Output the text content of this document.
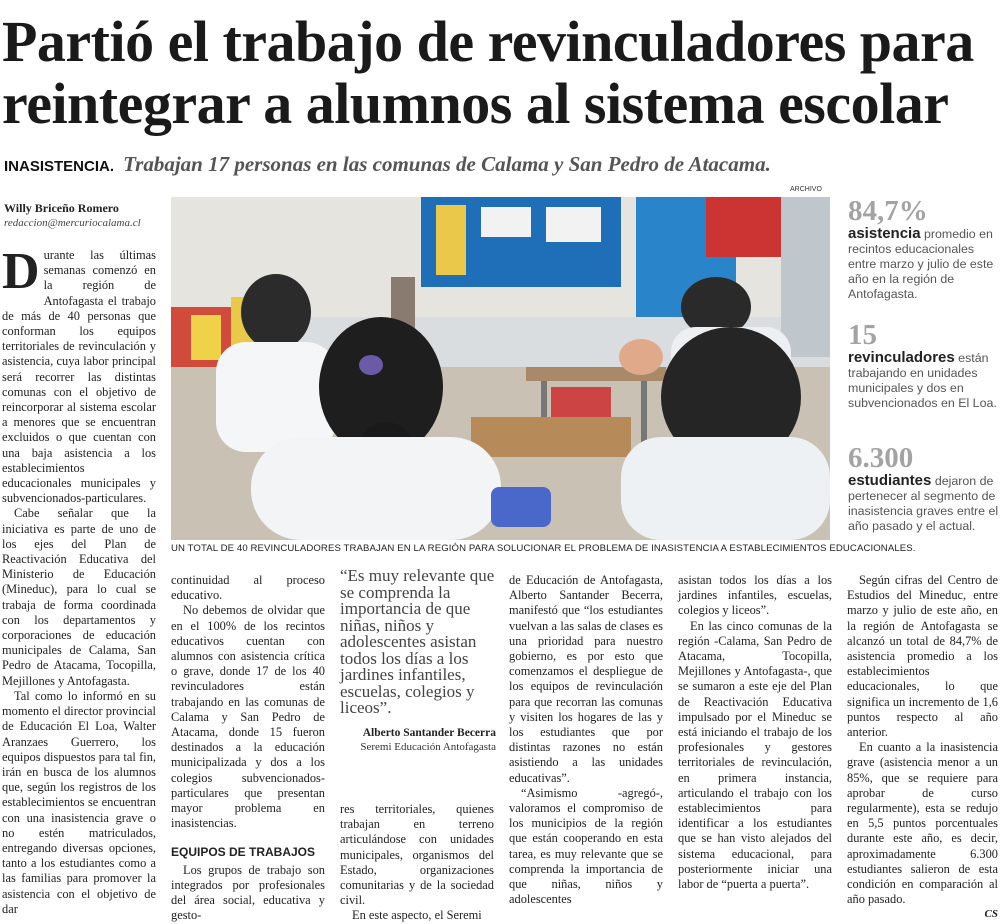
Partió el trabajo de revinculadores para
reintegrar a alumnos al sistema escolar
INASISTENCIA. Trabajan 17 personas en las comunas de Calama y San Pedro de Atacama.
Willy Briceño Romero
redaccion@mercuriocalama.cl
ARCHIVO
UN TOTAL DE 40 REVINCULADORES TRABAJAN EN LA REGIÓN PARA SOLUCIONAR EL PROBLEMA DE INASISTENCIA A ESTABLECIMIENTOS EDUCACIONALES.
84,7%
asistencia promedio en recintos educacionales entre marzo y julio de este año en la región de Antofagasta.
15
revinculadores están trabajando en unidades municipales y dos en subvencionados en El Loa.
6.300
estudiantes dejaron de pertenecer al segmento de inasistencia graves entre el año pasado y el actual.

Durante las últimas semanas comenzó en la región de Antofagasta el trabajo de más de 40 personas que conforman los equipos territoriales de revinculación y asistencia, cuya labor principal será recorrer las distintas comunas con el objetivo de reincorporar al sistema escolar a menores que se encuentran excluidos o que cuentan con una baja asistencia a los establecimientos educacionales municipales y subvencionados-particulares.

Cabe señalar que la iniciativa es parte de uno de los ejes del Plan de Reactivación Educativa del Ministerio de Educación (Mineduc), para lo cual se trabaja de forma coordinada con los departamentos y corporaciones de educación municipales de Calama, San Pedro de Atacama, Tocopilla, Mejillones y Antofagasta.

Tal como lo informó en su momento el director provincial de Educación El Loa, Walter Aranzaes Guerrero, los equipos dispuestos para tal fin, irán en busca de los alumnos que, según los registros de los establecimientos se encuentran con una inasistencia grave o no estén matriculados, entregando diversas opciones, tanto a los estudiantes como a las familias para promover la asistencia con el objetivo de dar

continuidad al proceso educativo.

No debemos de olvidar que en el 100% de los recintos educativos cuentan con alumnos con asistencia crítica o grave, donde 17 de los 40 revinculadores están trabajando en las comunas de Calama y San Pedro de Atacama, donde 15 fueron destinados a la educación municipalizada y dos a los colegios subvencionados-particulares que presentan mayor problema en inasistencias.

EQUIPOS DE TRABAJOS

Los grupos de trabajo son integrados por profesionales del área social, educativa y gesto-

“Es muy relevante que se comprenda la importancia de que niñas, niños y adolescentes asistan todos los días a los jardines infantiles, escuelas, colegios y liceos”.
Alberto Santander Becerra
Seremi Educación Antofagasta

res territoriales, quienes trabajan en terreno articulándose con unidades municipales, organismos del Estado, organizaciones comunitarias y de la sociedad civil.

En este aspecto, el Seremi

de Educación de Antofagasta, Alberto Santander Becerra, manifestó que “los estudiantes vuelvan a las salas de clases es una prioridad para nuestro gobierno, es por esto que comenzamos el despliegue de los equipos de revinculación para que recorran las comunas y visiten los hogares de las y los estudiantes que por distintas razones no están asistiendo a las unidades educativas”.

“Asimismo -agregó-, valoramos el compromiso de los municipios de la región que están cooperando en esta tarea, es muy relevante que se comprenda la importancia de que niñas, niños y adolescentes

asistan todos los días a los jardines infantiles, escuelas, colegios y liceos”.

En las cinco comunas de la región -Calama, San Pedro de Atacama, Tocopilla, Mejillones y Antofagasta-, que se sumaron a este eje del Plan de Reactivación Educativa impulsado por el Mineduc se está iniciando el trabajo de los profesionales y gestores territoriales de revinculación, en primera instancia, articulando el trabajo con los establecimientos para identificar a los estudiantes que se han visto alejados del sistema educacional, para posteriormente iniciar una labor de “puerta a puerta”.

Según cifras del Centro de Estudios del Mineduc, entre marzo y julio de este año, en la región de Antofagasta se alcanzó un total de 84,7% de asistencia promedio a los establecimientos educacionales, lo que significa un incremento de 1,6 puntos respecto al año anterior.

En cuanto a la inasistencia grave (asistencia menor a un 85%, que se requiere para aprobar de curso regularmente), esta se redujo en 5,5 puntos porcentuales durante este año, es decir, aproximadamente 6.300 estudiantes salieron de esta condición en comparación al año pasado.

CS
